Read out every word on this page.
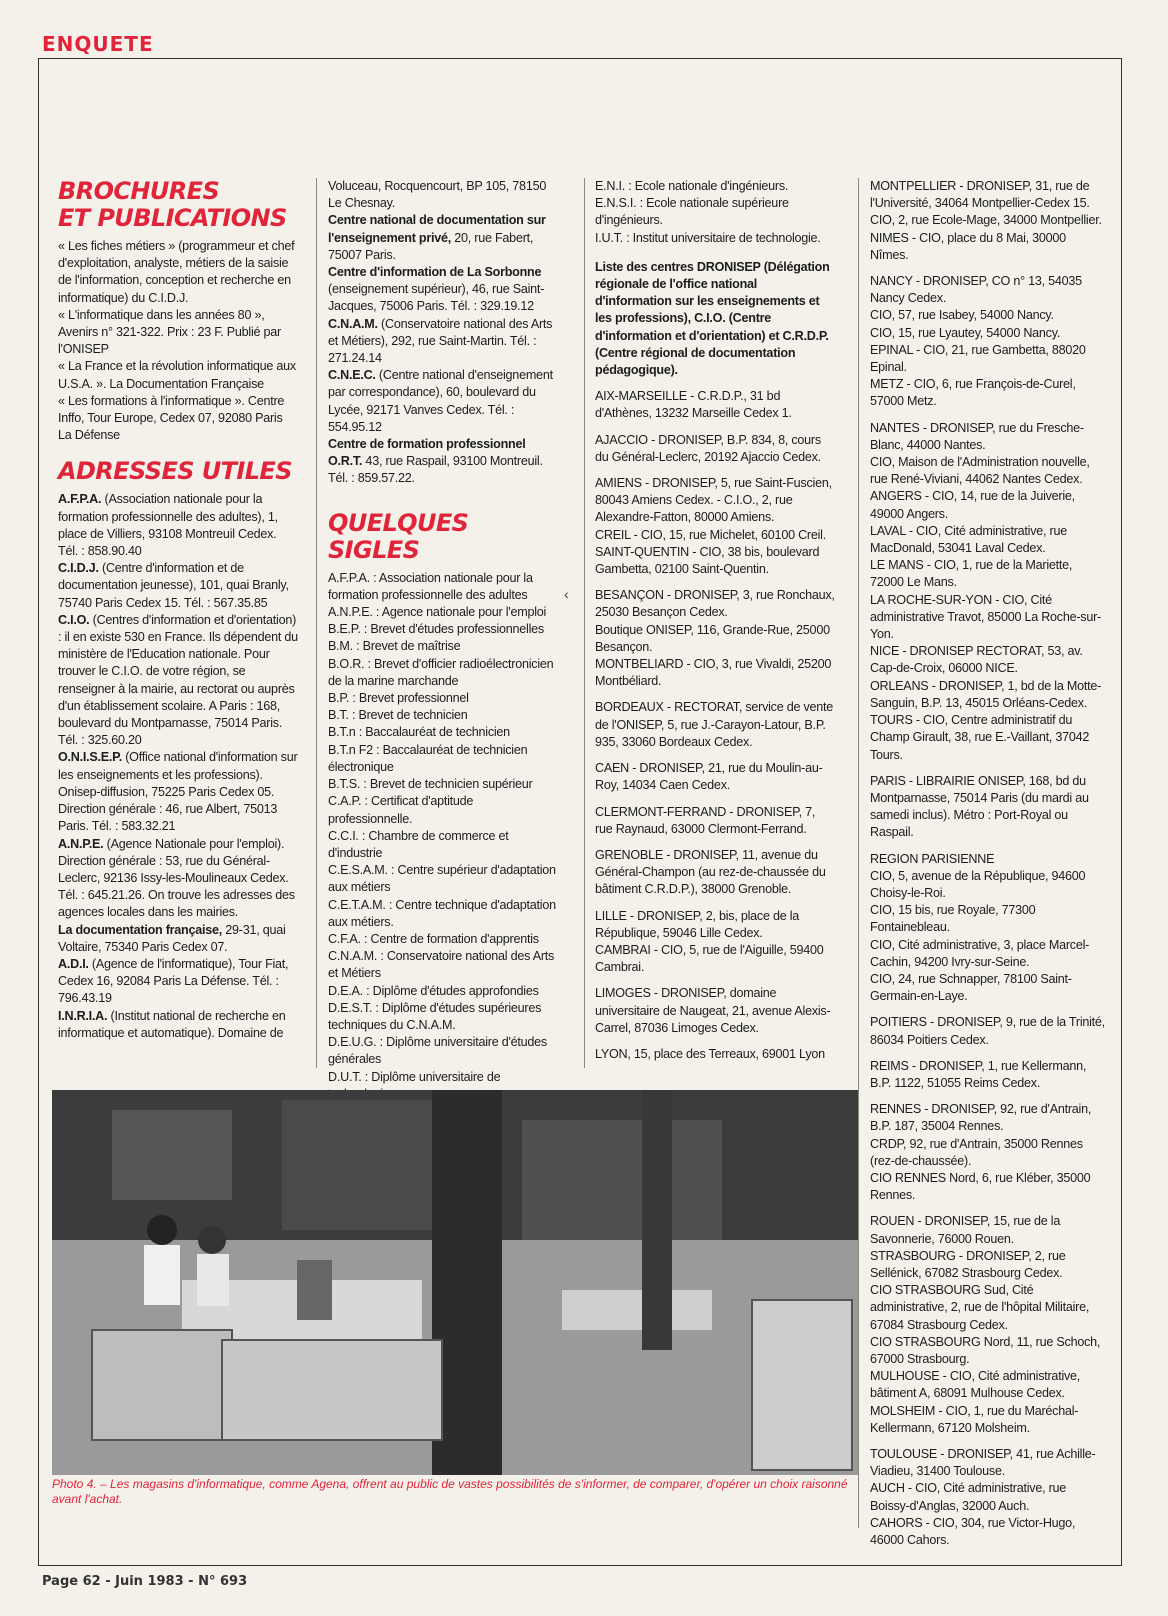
ENQUETE
BROCHURES
ET PUBLICATIONS

« Les fiches métiers » (programmeur et chef d'exploitation, analyste, métiers de la saisie de l'information, conception et recherche en informatique) du C.I.D.J.

« L'informatique dans les années 80 », Avenirs n° 321-322. Prix : 23 F. Publié par l'ONISEP

« La France et la révolution informatique aux U.S.A. ». La Documentation Française

« Les formations à l'informatique ». Centre Inffo, Tour Europe, Cedex 07, 92080 Paris La Défense

ADRESSES UTILES

A.F.P.A. (Association nationale pour la formation professionnelle des adultes), 1, place de Villiers, 93108 Montreuil Cedex. Tél. : 858.90.40

C.I.D.J. (Centre d'information et de documentation jeunesse), 101, quai Branly, 75740 Paris Cedex 15. Tél. : 567.35.85

C.I.O. (Centres d'information et d'orientation) : il en existe 530 en France. Ils dépendent du ministère de l'Education nationale. Pour trouver le C.I.O. de votre région, se renseigner à la mairie, au rectorat ou auprès d'un établissement scolaire. A Paris : 168, boulevard du Montparnasse, 75014 Paris. Tél. : 325.60.20

O.N.I.S.E.P. (Office national d'information sur les enseignements et les professions). Onisep-diffusion, 75225 Paris Cedex 05. Direction générale : 46, rue Albert, 75013 Paris. Tél. : 583.32.21

A.N.P.E. (Agence Nationale pour l'emploi). Direction générale : 53, rue du Général-Leclerc, 92136 Issy-les-Moulineaux Cedex. Tél. : 645.21.26. On trouve les adresses des agences locales dans les mairies.

La documentation française, 29-31, quai Voltaire, 75340 Paris Cedex 07.

A.D.I. (Agence de l'informatique), Tour Fiat, Cedex 16, 92084 Paris La Défense. Tél. : 796.43.19

I.N.R.I.A. (Institut national de recherche en informatique et automatique). Domaine de

Voluceau, Rocquencourt, BP 105, 78150 Le Chesnay.

Centre national de documentation sur l'enseignement privé, 20, rue Fabert, 75007 Paris.

Centre d'information de La Sorbonne (enseignement supérieur), 46, rue Saint-Jacques, 75006 Paris. Tél. : 329.19.12

C.N.A.M. (Conservatoire national des Arts et Métiers), 292, rue Saint-Martin. Tél. : 271.24.14

C.N.E.C. (Centre national d'enseignement par correspondance), 60, boulevard du Lycée, 92171 Vanves Cedex. Tél. : 554.95.12

Centre de formation professionnel O.R.T. 43, rue Raspail, 93100 Montreuil. Tél. : 859.57.22.

QUELQUES SIGLES

A.F.P.A. : Association nationale pour la formation professionnelle des adultes

A.N.P.E. : Agence nationale pour l'emploi

B.E.P. : Brevet d'études professionnelles

B.M. : Brevet de maîtrise

B.O.R. : Brevet d'officier radioélectronicien de la marine marchande

B.P. : Brevet professionnel

B.T. : Brevet de technicien

B.T.n : Baccalauréat de technicien

B.T.n F2 : Baccalauréat de technicien électronique

B.T.S. : Brevet de technicien supérieur

C.A.P. : Certificat d'aptitude professionnelle.

C.C.I. : Chambre de commerce et d'industrie

C.E.S.A.M. : Centre supérieur d'adaptation aux métiers

C.E.T.A.M. : Centre technique d'adaptation aux métiers.

C.F.A. : Centre de formation d'apprentis

C.N.A.M. : Conservatoire national des Arts et Métiers

D.E.A. : Diplôme d'études approfondies

D.E.S.T. : Diplôme d'études supérieures techniques du C.N.A.M.

D.E.U.G. : Diplôme universitaire d'études générales

D.U.T. : Diplôme universitaire de

E.N.I. : Ecole nationale d'ingénieurs.

E.N.S.I. : Ecole nationale supérieure d'ingénieurs.

I.U.T. : Institut universitaire de technologie.

Liste des centres DRONISEP (Délégation régionale de l'office national d'information sur les enseignements et les professions), C.I.O. (Centre d'information et d'orientation) et C.R.D.P. (Centre régional de documentation pédagogique).

AIX-MARSEILLE - C.R.D.P., 31 bd d'Athènes, 13232 Marseille Cedex 1.

AJACCIO - DRONISEP, B.P. 834, 8, cours du Général-Leclerc, 20192 Ajaccio Cedex.

AMIENS - DRONISEP, 5, rue Saint-Fuscien, 80043 Amiens Cedex. - C.I.O., 2, rue Alexandre-Fatton, 80000 Amiens.
CREIL - CIO, 15, rue Michelet, 60100 Creil.
SAINT-QUENTIN - CIO, 38 bis, boulevard Gambetta, 02100 Saint-Quentin.

BESANÇON - DRONISEP, 3, rue Ronchaux, 25030 Besançon Cedex.
Boutique ONISEP, 116, Grande-Rue, 25000 Besançon.
MONTBELIARD - CIO, 3, rue Vivaldi, 25200 Montbéliard.

BORDEAUX - RECTORAT, service de vente de l'ONISEP, 5, rue J.-Carayon-Latour, B.P. 935, 33060 Bordeaux Cedex.

CAEN - DRONISEP, 21, rue du Moulin-au-Roy, 14034 Caen Cedex.

CLERMONT-FERRAND - DRONISEP, 7, rue Raynaud, 63000 Clermont-Ferrand.

GRENOBLE - DRONISEP, 11, avenue du Général-Champon (au rez-de-chaussée du bâtiment C.R.D.P.), 38000 Grenoble.

LILLE - DRONISEP, 2, bis, place de la République, 59046 Lille Cedex.
CAMBRAI - CIO, 5, rue de l'Aiguille, 59400 Cambrai.

LIMOGES - DRONISEP, domaine universitaire de Naugeat, 21, avenue Alexis-Carrel, 87036 Limoges Cedex.

LYON, 15, place des Terreaux, 69001 Lyon

‹

MONTPELLIER - DRONISEP, 31, rue de l'Université, 34064 Montpellier-Cedex 15.
CIO, 2, rue Ecole-Mage, 34000 Montpellier.
NIMES - CIO, place du 8 Mai, 30000 Nîmes.

NANCY - DRONISEP, CO n° 13, 54035 Nancy Cedex.
CIO, 57, rue Isabey, 54000 Nancy.
CIO, 15, rue Lyautey, 54000 Nancy.
EPINAL - CIO, 21, rue Gambetta, 88020 Epinal.
METZ - CIO, 6, rue François-de-Curel, 57000 Metz.

NANTES - DRONISEP, rue du Fresche-Blanc, 44000 Nantes.
CIO, Maison de l'Administration nouvelle, rue René-Viviani, 44062 Nantes Cedex.
ANGERS - CIO, 14, rue de la Juiverie, 49000 Angers.
LAVAL - CIO, Cité administrative, rue MacDonald, 53041 Laval Cedex.
LE MANS - CIO, 1, rue de la Mariette, 72000 Le Mans.
LA ROCHE-SUR-YON - CIO, Cité administrative Travot, 85000 La Roche-sur-Yon.
NICE - DRONISEP RECTORAT, 53, av. Cap-de-Croix, 06000 NICE.
ORLEANS - DRONISEP, 1, bd de la Motte-Sanguin, B.P. 13, 45015 Orléans-Cedex.
TOURS - CIO, Centre administratif du Champ Girault, 38, rue E.-Vaillant, 37042 Tours.

PARIS - LIBRAIRIE ONISEP, 168, bd du Montparnasse, 75014 Paris (du mardi au samedi inclus). Métro : Port-Royal ou Raspail.

REGION PARISIENNE
CIO, 5, avenue de la République, 94600 Choisy-le-Roi.
CIO, 15 bis, rue Royale, 77300 Fontainebleau.
CIO, Cité administrative, 3, place Marcel-Cachin, 94200 Ivry-sur-Seine.
CIO, 24, rue Schnapper, 78100 Saint-Germain-en-Laye.

POITIERS - DRONISEP, 9, rue de la Trinité, 86034 Poitiers Cedex.

REIMS - DRONISEP, 1, rue Kellermann, B.P. 1122, 51055 Reims Cedex.

RENNES - DRONISEP, 92, rue d'Antrain, B.P. 187, 35004 Rennes.
CRDP, 92, rue d'Antrain, 35000 Rennes (rez-de-chaussée).
CIO RENNES Nord, 6, rue Kléber, 35000 Rennes.

ROUEN - DRONISEP, 15, rue de la Savonnerie, 76000 Rouen.
STRASBOURG - DRONISEP, 2, rue Sellénick, 67082 Strasbourg Cedex.
CIO STRASBOURG Sud, Cité administrative, 2, rue de l'hôpital Militaire, 67084 Strasbourg Cedex.
CIO STRASBOURG Nord, 11, rue Schoch, 67000 Strasbourg.
MULHOUSE - CIO, Cité administrative, bâtiment A, 68091 Mulhouse Cedex.
MOLSHEIM - CIO, 1, rue du Maréchal-Kellermann, 67120 Molsheim.

TOULOUSE - DRONISEP, 41, rue Achille-Viadieu, 31400 Toulouse.
AUCH - CIO, Cité administrative, rue Boissy-d'Anglas, 32000 Auch.
CAHORS - CIO, 304, rue Victor-Hugo, 46000 Cahors.

Photo 4. – Les magasins d'informatique, comme Agena, offrent au public de vastes possibilités de s'informer, de comparer, d'opérer un choix raisonné avant l'achat.
Page 62 - Juin 1983 - N° 693
